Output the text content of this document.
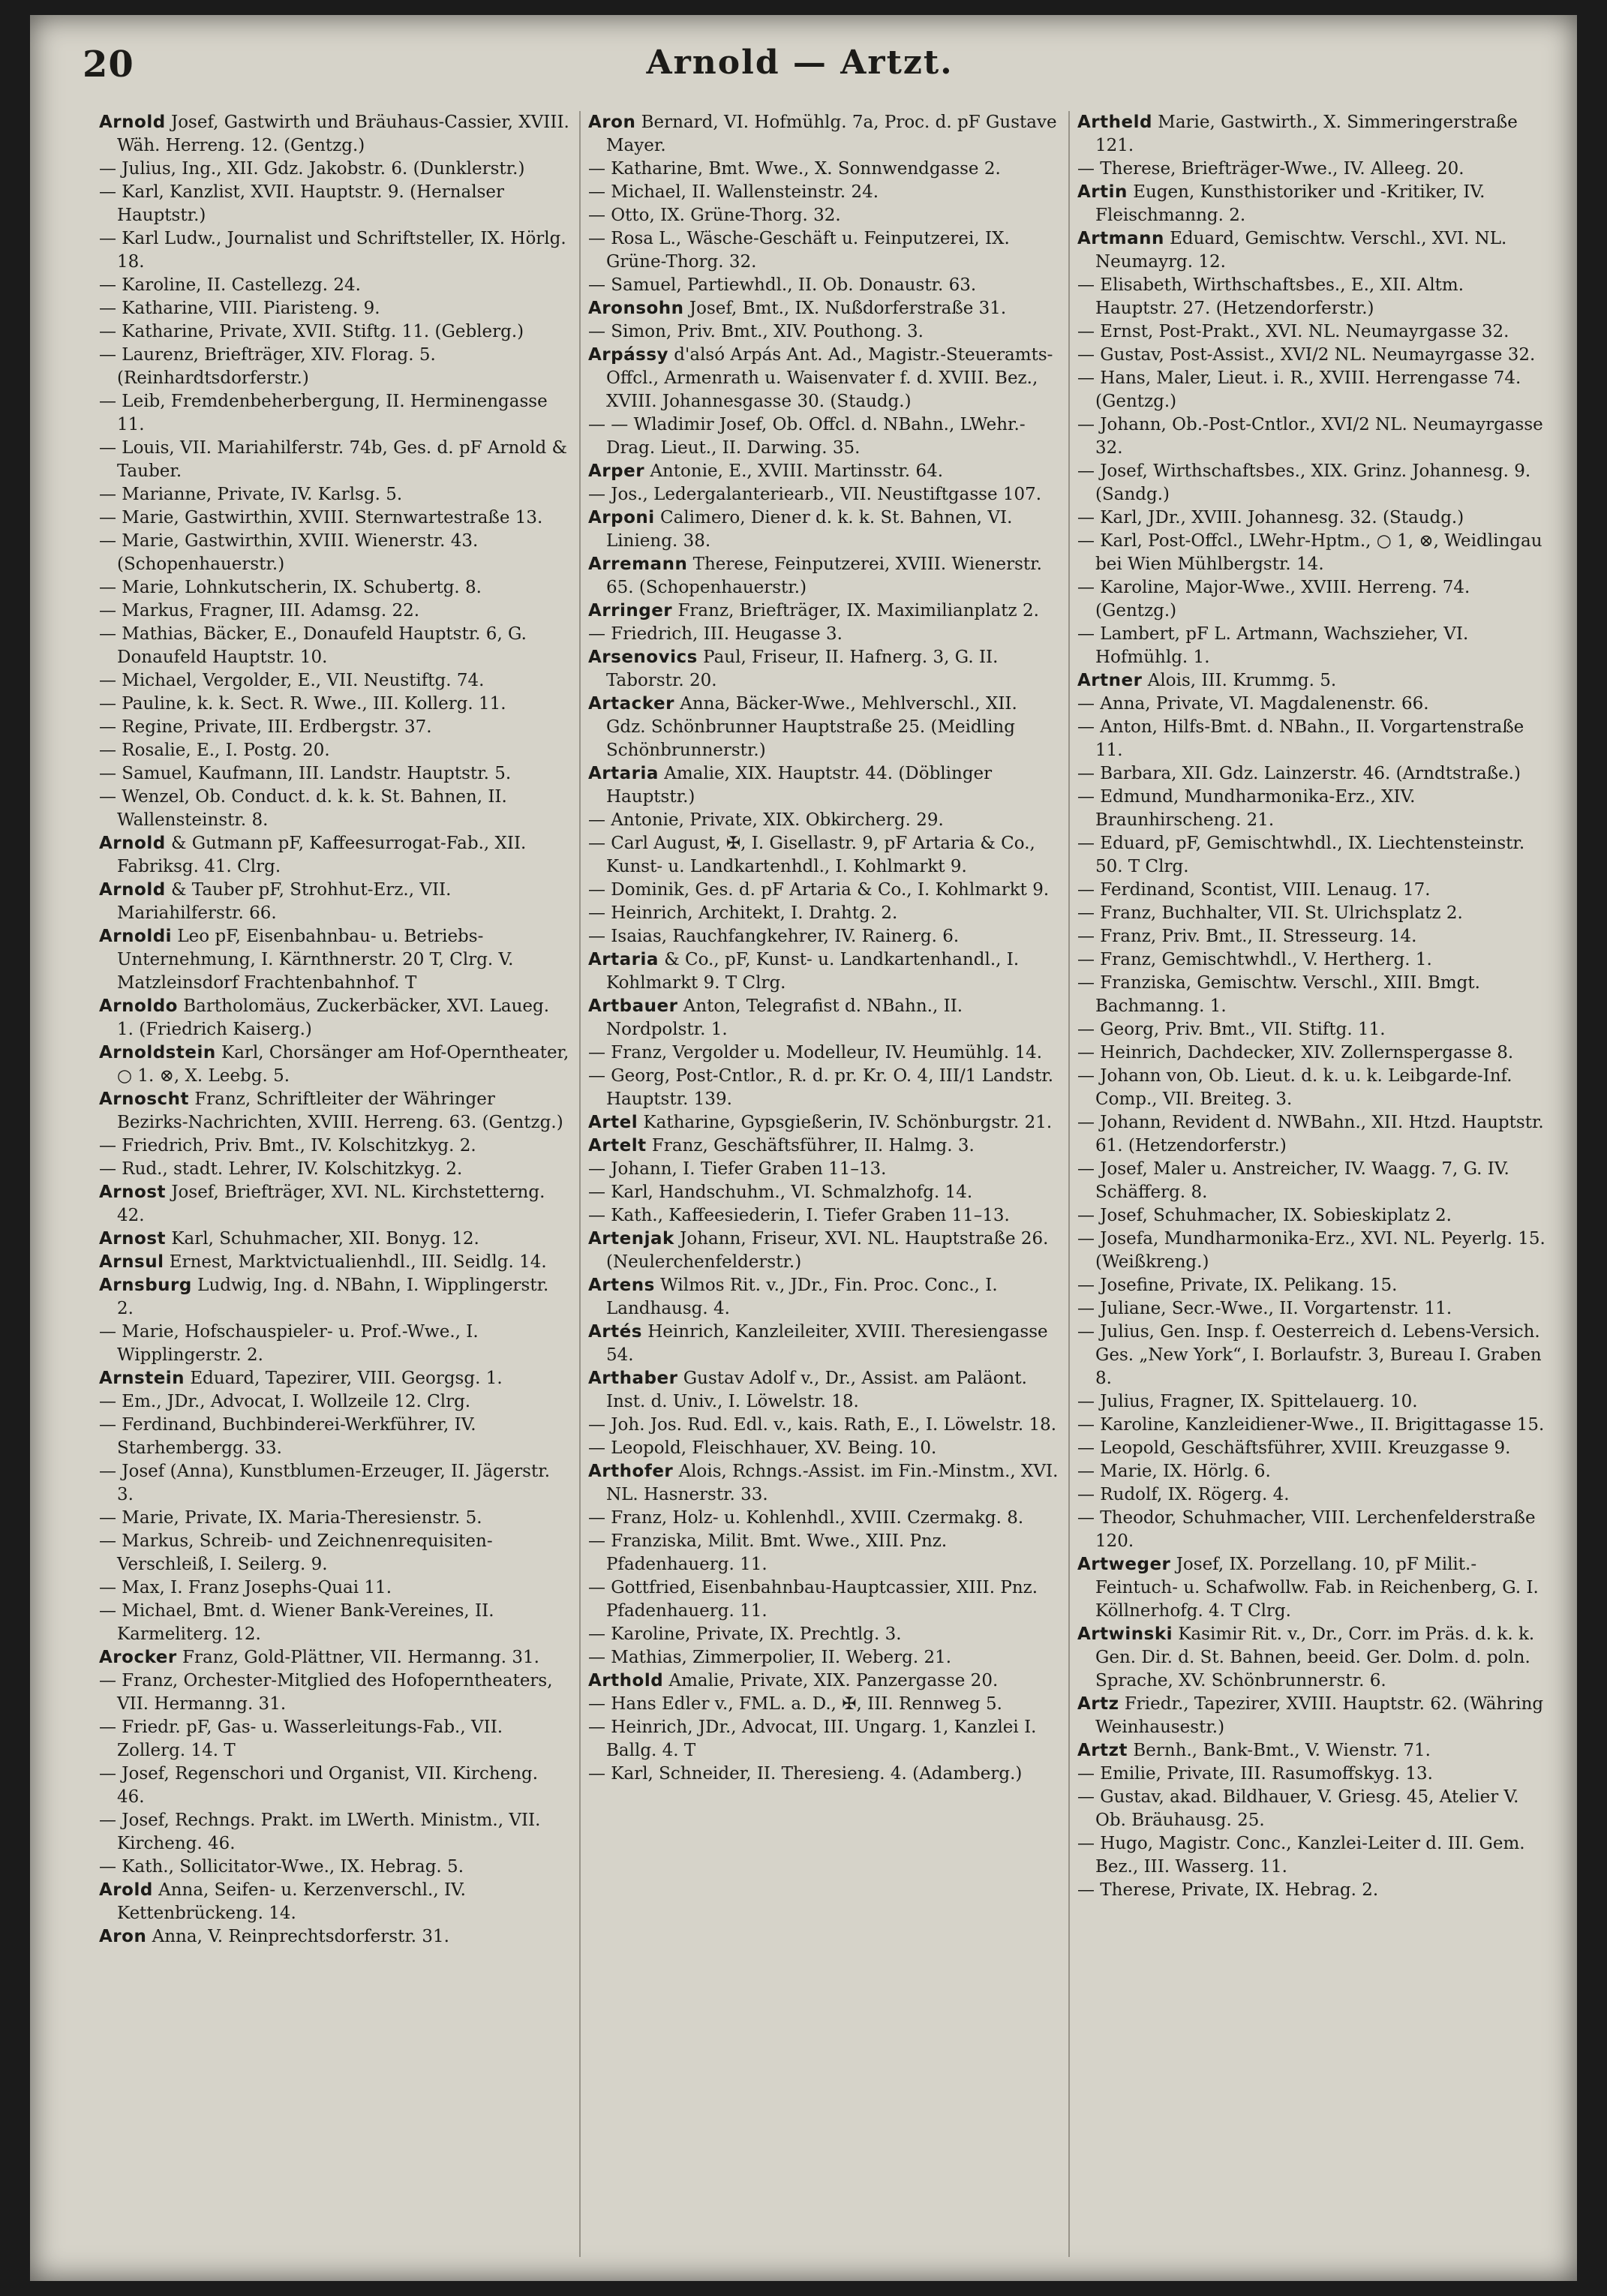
20	Arnold — Artzt.

Arnold Josef, Gastwirth und Bräuhaus-Cassier, XVIII. Wäh. Herreng. 12. (Gentzg.)

— Julius, Ing., XII. Gdz. Jakobstr. 6. (Dunklerstr.)

— Karl, Kanzlist, XVII. Hauptstr. 9. (Hernalser Hauptstr.)

— Karl Ludw., Journalist und Schriftsteller, IX. Hörlg. 18.

— Karoline, II. Castellezg. 24.

— Katharine, VIII. Piaristeng. 9.

— Katharine, Private, XVII. Stiftg. 11. (Geblerg.)

— Laurenz, Briefträger, XIV. Florag. 5. (Reinhardtsdorferstr.)

— Leib, Fremdenbeherbergung, II. Herminengasse 11.

— Louis, VII. Mariahilferstr. 74b, Ges. d. pF Arnold & Tauber.

— Marianne, Private, IV. Karlsg. 5.

— Marie, Gastwirthin, XVIII. Sternwartestraße 13.

— Marie, Gastwirthin, XVIII. Wienerstr. 43. (Schopenhauerstr.)

— Marie, Lohnkutscherin, IX. Schubertg. 8.

— Markus, Fragner, III. Adamsg. 22.

— Mathias, Bäcker, E., Donaufeld Hauptstr. 6, G. Donaufeld Hauptstr. 10.

— Michael, Vergolder, E., VII. Neustiftg. 74.

— Pauline, k. k. Sect. R. Wwe., III. Kollerg. 11.

— Regine, Private, III. Erdbergstr. 37.

— Rosalie, E., I. Postg. 20.

— Samuel, Kaufmann, III. Landstr. Hauptstr. 5.

— Wenzel, Ob. Conduct. d. k. k. St. Bahnen, II. Wallensteinstr. 8.

Arnold & Gutmann pF, Kaffeesurrogat-Fab., XII. Fabriksg. 41. Clrg.

Arnold & Tauber pF, Strohhut-Erz., VII. Mariahilferstr. 66.

Arnoldi Leo pF, Eisenbahnbau- u. Betriebs-Unternehmung, I. Kärnthnerstr. 20 T, Clrg. V. Matzleinsdorf Frachtenbahnhof. T

Arnoldo Bartholomäus, Zuckerbäcker, XVI. Laueg. 1. (Friedrich Kaiserg.)

Arnoldstein Karl, Chorsänger am Hof-Operntheater, ○ 1. ⊗, X. Leebg. 5.

Arnoscht Franz, Schriftleiter der Währinger Bezirks-Nachrichten, XVIII. Herreng. 63. (Gentzg.)

— Friedrich, Priv. Bmt., IV. Kolschitzkyg. 2.

— Rud., stadt. Lehrer, IV. Kolschitzkyg. 2.

Arnost Josef, Briefträger, XVI. NL. Kirchstetterng. 42.

Arnost Karl, Schuhmacher, XII. Bonyg. 12.

Arnsul Ernest, Marktvictualienhdl., III. Seidlg. 14.

Arnsburg Ludwig, Ing. d. NBahn, I. Wipplingerstr. 2.

— Marie, Hofschauspieler- u. Prof.-Wwe., I. Wipplingerstr. 2.

Arnstein Eduard, Tapezirer, VIII. Georgsg. 1.

— Em., JDr., Advocat, I. Wollzeile 12. Clrg.

— Ferdinand, Buchbinderei-Werkführer, IV. Starhembergg. 33.

— Josef (Anna), Kunstblumen-Erzeuger, II. Jägerstr. 3.

— Marie, Private, IX. Maria-Theresienstr. 5.

— Markus, Schreib- und Zeichnenrequisiten-Verschleiß, I. Seilerg. 9.

— Max, I. Franz Josephs-Quai 11.

— Michael, Bmt. d. Wiener Bank-Vereines, II. Karmeliterg. 12.

Arocker Franz, Gold-Plättner, VII. Hermanng. 31.

— Franz, Orchester-Mitglied des Hofoperntheaters, VII. Hermanng. 31.

— Friedr. pF, Gas- u. Wasserleitungs-Fab., VII. Zollerg. 14. T

— Josef, Regenschori und Organist, VII. Kircheng. 46.

— Josef, Rechngs. Prakt. im LWerth. Ministm., VII. Kircheng. 46.

— Kath., Sollicitator-Wwe., IX. Hebrag. 5.

Arold Anna, Seifen- u. Kerzenverschl., IV. Kettenbrückeng. 14.

Aron Anna, V. Reinprechtsdorferstr. 31.

Aron Bernard, VI. Hofmühlg. 7a, Proc. d. pF Gustave Mayer.

— Katharine, Bmt. Wwe., X. Sonnwendgasse 2.

— Michael, II. Wallensteinstr. 24.

— Otto, IX. Grüne-Thorg. 32.

— Rosa L., Wäsche-Geschäft u. Feinputzerei, IX. Grüne-Thorg. 32.

— Samuel, Partiewhdl., II. Ob. Donaustr. 63.

Aronsohn Josef, Bmt., IX. Nußdorferstraße 31.

— Simon, Priv. Bmt., XIV. Pouthong. 3.

Arpássy d'alsó Arpás Ant. Ad., Magistr.-Steueramts-Offcl., Armenrath u. Waisenvater f. d. XVIII. Bez., XVIII. Johannesgasse 30. (Staudg.)

— — Wladimir Josef, Ob. Offcl. d. NBahn., LWehr.-Drag. Lieut., II. Darwing. 35.

Arper Antonie, E., XVIII. Martinsstr. 64.

— Jos., Ledergalanteriearb., VII. Neustiftgasse 107.

Arponi Calimero, Diener d. k. k. St. Bahnen, VI. Linieng. 38.

Arremann Therese, Feinputzerei, XVIII. Wienerstr. 65. (Schopenhauerstr.)

Arringer Franz, Briefträger, IX. Maximilianplatz 2.

— Friedrich, III. Heugasse 3.

Arsenovics Paul, Friseur, II. Hafnerg. 3, G. II. Taborstr. 20.

Artacker Anna, Bäcker-Wwe., Mehlverschl., XII. Gdz. Schönbrunner Hauptstraße 25. (Meidling Schönbrunnerstr.)

Artaria Amalie, XIX. Hauptstr. 44. (Döblinger Hauptstr.)

— Antonie, Private, XIX. Obkircherg. 29.

— Carl August, ✠, I. Gisellastr. 9, pF Artaria & Co., Kunst- u. Landkartenhdl., I. Kohlmarkt 9.

— Dominik, Ges. d. pF Artaria & Co., I. Kohlmarkt 9.

— Heinrich, Architekt, I. Drahtg. 2.

— Isaias, Rauchfangkehrer, IV. Rainerg. 6.

Artaria & Co., pF, Kunst- u. Landkartenhandl., I. Kohlmarkt 9. T Clrg.

Artbauer Anton, Telegrafist d. NBahn., II. Nordpolstr. 1.

— Franz, Vergolder u. Modelleur, IV. Heumühlg. 14.

— Georg, Post-Cntlor., R. d. pr. Kr. O. 4, III/1 Landstr. Hauptstr. 139.

Artel Katharine, Gypsgießerin, IV. Schönburgstr. 21.

Artelt Franz, Geschäftsführer, II. Halmg. 3.

— Johann, I. Tiefer Graben 11–13.

— Karl, Handschuhm., VI. Schmalzhofg. 14.

— Kath., Kaffeesiederin, I. Tiefer Graben 11–13.

Artenjak Johann, Friseur, XVI. NL. Hauptstraße 26. (Neulerchenfelderstr.)

Artens Wilmos Rit. v., JDr., Fin. Proc. Conc., I. Landhausg. 4.

Artés Heinrich, Kanzleileiter, XVIII. Theresiengasse 54.

Arthaber Gustav Adolf v., Dr., Assist. am Paläont. Inst. d. Univ., I. Löwelstr. 18.

— Joh. Jos. Rud. Edl. v., kais. Rath, E., I. Löwelstr. 18.

— Leopold, Fleischhauer, XV. Being. 10.

Arthofer Alois, Rchngs.-Assist. im Fin.-Minstm., XVI. NL. Hasnerstr. 33.

— Franz, Holz- u. Kohlenhdl., XVIII. Czermakg. 8.

— Franziska, Milit. Bmt. Wwe., XIII. Pnz. Pfadenhauerg. 11.

— Gottfried, Eisenbahnbau-Hauptcassier, XIII. Pnz. Pfadenhauerg. 11.

— Karoline, Private, IX. Prechtlg. 3.

— Mathias, Zimmerpolier, II. Weberg. 21.

Arthold Amalie, Private, XIX. Panzergasse 20.

— Hans Edler v., FML. a. D., ✠, III. Rennweg 5.

— Heinrich, JDr., Advocat, III. Ungarg. 1, Kanzlei I. Ballg. 4. T

— Karl, Schneider, II. Theresieng. 4. (Adamberg.)

Artheld Marie, Gastwirth., X. Simmeringerstraße 121.

— Therese, Briefträger-Wwe., IV. Alleeg. 20.

Artin Eugen, Kunsthistoriker und -Kritiker, IV. Fleischmanng. 2.

Artmann Eduard, Gemischtw. Verschl., XVI. NL. Neumayrg. 12.

— Elisabeth, Wirthschaftsbes., E., XII. Altm. Hauptstr. 27. (Hetzendorferstr.)

— Ernst, Post-Prakt., XVI. NL. Neumayrgasse 32.

— Gustav, Post-Assist., XVI/2 NL. Neumayrgasse 32.

— Hans, Maler, Lieut. i. R., XVIII. Herrengasse 74. (Gentzg.)

— Johann, Ob.-Post-Cntlor., XVI/2 NL. Neumayrgasse 32.

— Josef, Wirthschaftsbes., XIX. Grinz. Johannesg. 9. (Sandg.)

— Karl, JDr., XVIII. Johannesg. 32. (Staudg.)

— Karl, Post-Offcl., LWehr-Hptm., ○ 1, ⊗, Weidlingau bei Wien Mühlbergstr. 14.

— Karoline, Major-Wwe., XVIII. Herreng. 74. (Gentzg.)

— Lambert, pF L. Artmann, Wachszieher, VI. Hofmühlg. 1.

Artner Alois, III. Krummg. 5.

— Anna, Private, VI. Magdalenenstr. 66.

— Anton, Hilfs-Bmt. d. NBahn., II. Vorgartenstraße 11.

— Barbara, XII. Gdz. Lainzerstr. 46. (Arndtstraße.)

— Edmund, Mundharmonika-Erz., XIV. Braunhirscheng. 21.

— Eduard, pF, Gemischtwhdl., IX. Liechtensteinstr. 50. T Clrg.

— Ferdinand, Scontist, VIII. Lenaug. 17.

— Franz, Buchhalter, VII. St. Ulrichsplatz 2.

— Franz, Priv. Bmt., II. Stresseurg. 14.

— Franz, Gemischtwhdl., V. Hertherg. 1.

— Franziska, Gemischtw. Verschl., XIII. Bmgt. Bachmanng. 1.

— Georg, Priv. Bmt., VII. Stiftg. 11.

— Heinrich, Dachdecker, XIV. Zollernspergasse 8.

— Johann von, Ob. Lieut. d. k. u. k. Leibgarde-Inf. Comp., VII. Breiteg. 3.

— Johann, Revident d. NWBahn., XII. Htzd. Hauptstr. 61. (Hetzendorferstr.)

— Josef, Maler u. Anstreicher, IV. Waagg. 7, G. IV. Schäfferg. 8.

— Josef, Schuhmacher, IX. Sobieskiplatz 2.

— Josefa, Mundharmonika-Erz., XVI. NL. Peyerlg. 15. (Weißkreng.)

— Josefine, Private, IX. Pelikang. 15.

— Juliane, Secr.-Wwe., II. Vorgartenstr. 11.

— Julius, Gen. Insp. f. Oesterreich d. Lebens-Versich. Ges. „New York“, I. Borlaufstr. 3, Bureau I. Graben 8.

— Julius, Fragner, IX. Spittelauerg. 10.

— Karoline, Kanzleidiener-Wwe., II. Brigittagasse 15.

— Leopold, Geschäftsführer, XVIII. Kreuzgasse 9.

— Marie, IX. Hörlg. 6.

— Rudolf, IX. Rögerg. 4.

— Theodor, Schuhmacher, VIII. Lerchenfelderstraße 120.

Artweger Josef, IX. Porzellang. 10, pF Milit.-Feintuch- u. Schafwollw. Fab. in Reichenberg, G. I. Köllnerhofg. 4. T Clrg.

Artwinski Kasimir Rit. v., Dr., Corr. im Präs. d. k. k. Gen. Dir. d. St. Bahnen, beeid. Ger. Dolm. d. poln. Sprache, XV. Schönbrunnerstr. 6.

Artz Friedr., Tapezirer, XVIII. Hauptstr. 62. (Währing Weinhausestr.)

Artzt Bernh., Bank-Bmt., V. Wienstr. 71.

— Emilie, Private, III. Rasumoffskyg. 13.

— Gustav, akad. Bildhauer, V. Griesg. 45, Atelier V. Ob. Bräuhausg. 25.

— Hugo, Magistr. Conc., Kanzlei-Leiter d. III. Gem. Bez., III. Wasserg. 11.

— Therese, Private, IX. Hebrag. 2.
